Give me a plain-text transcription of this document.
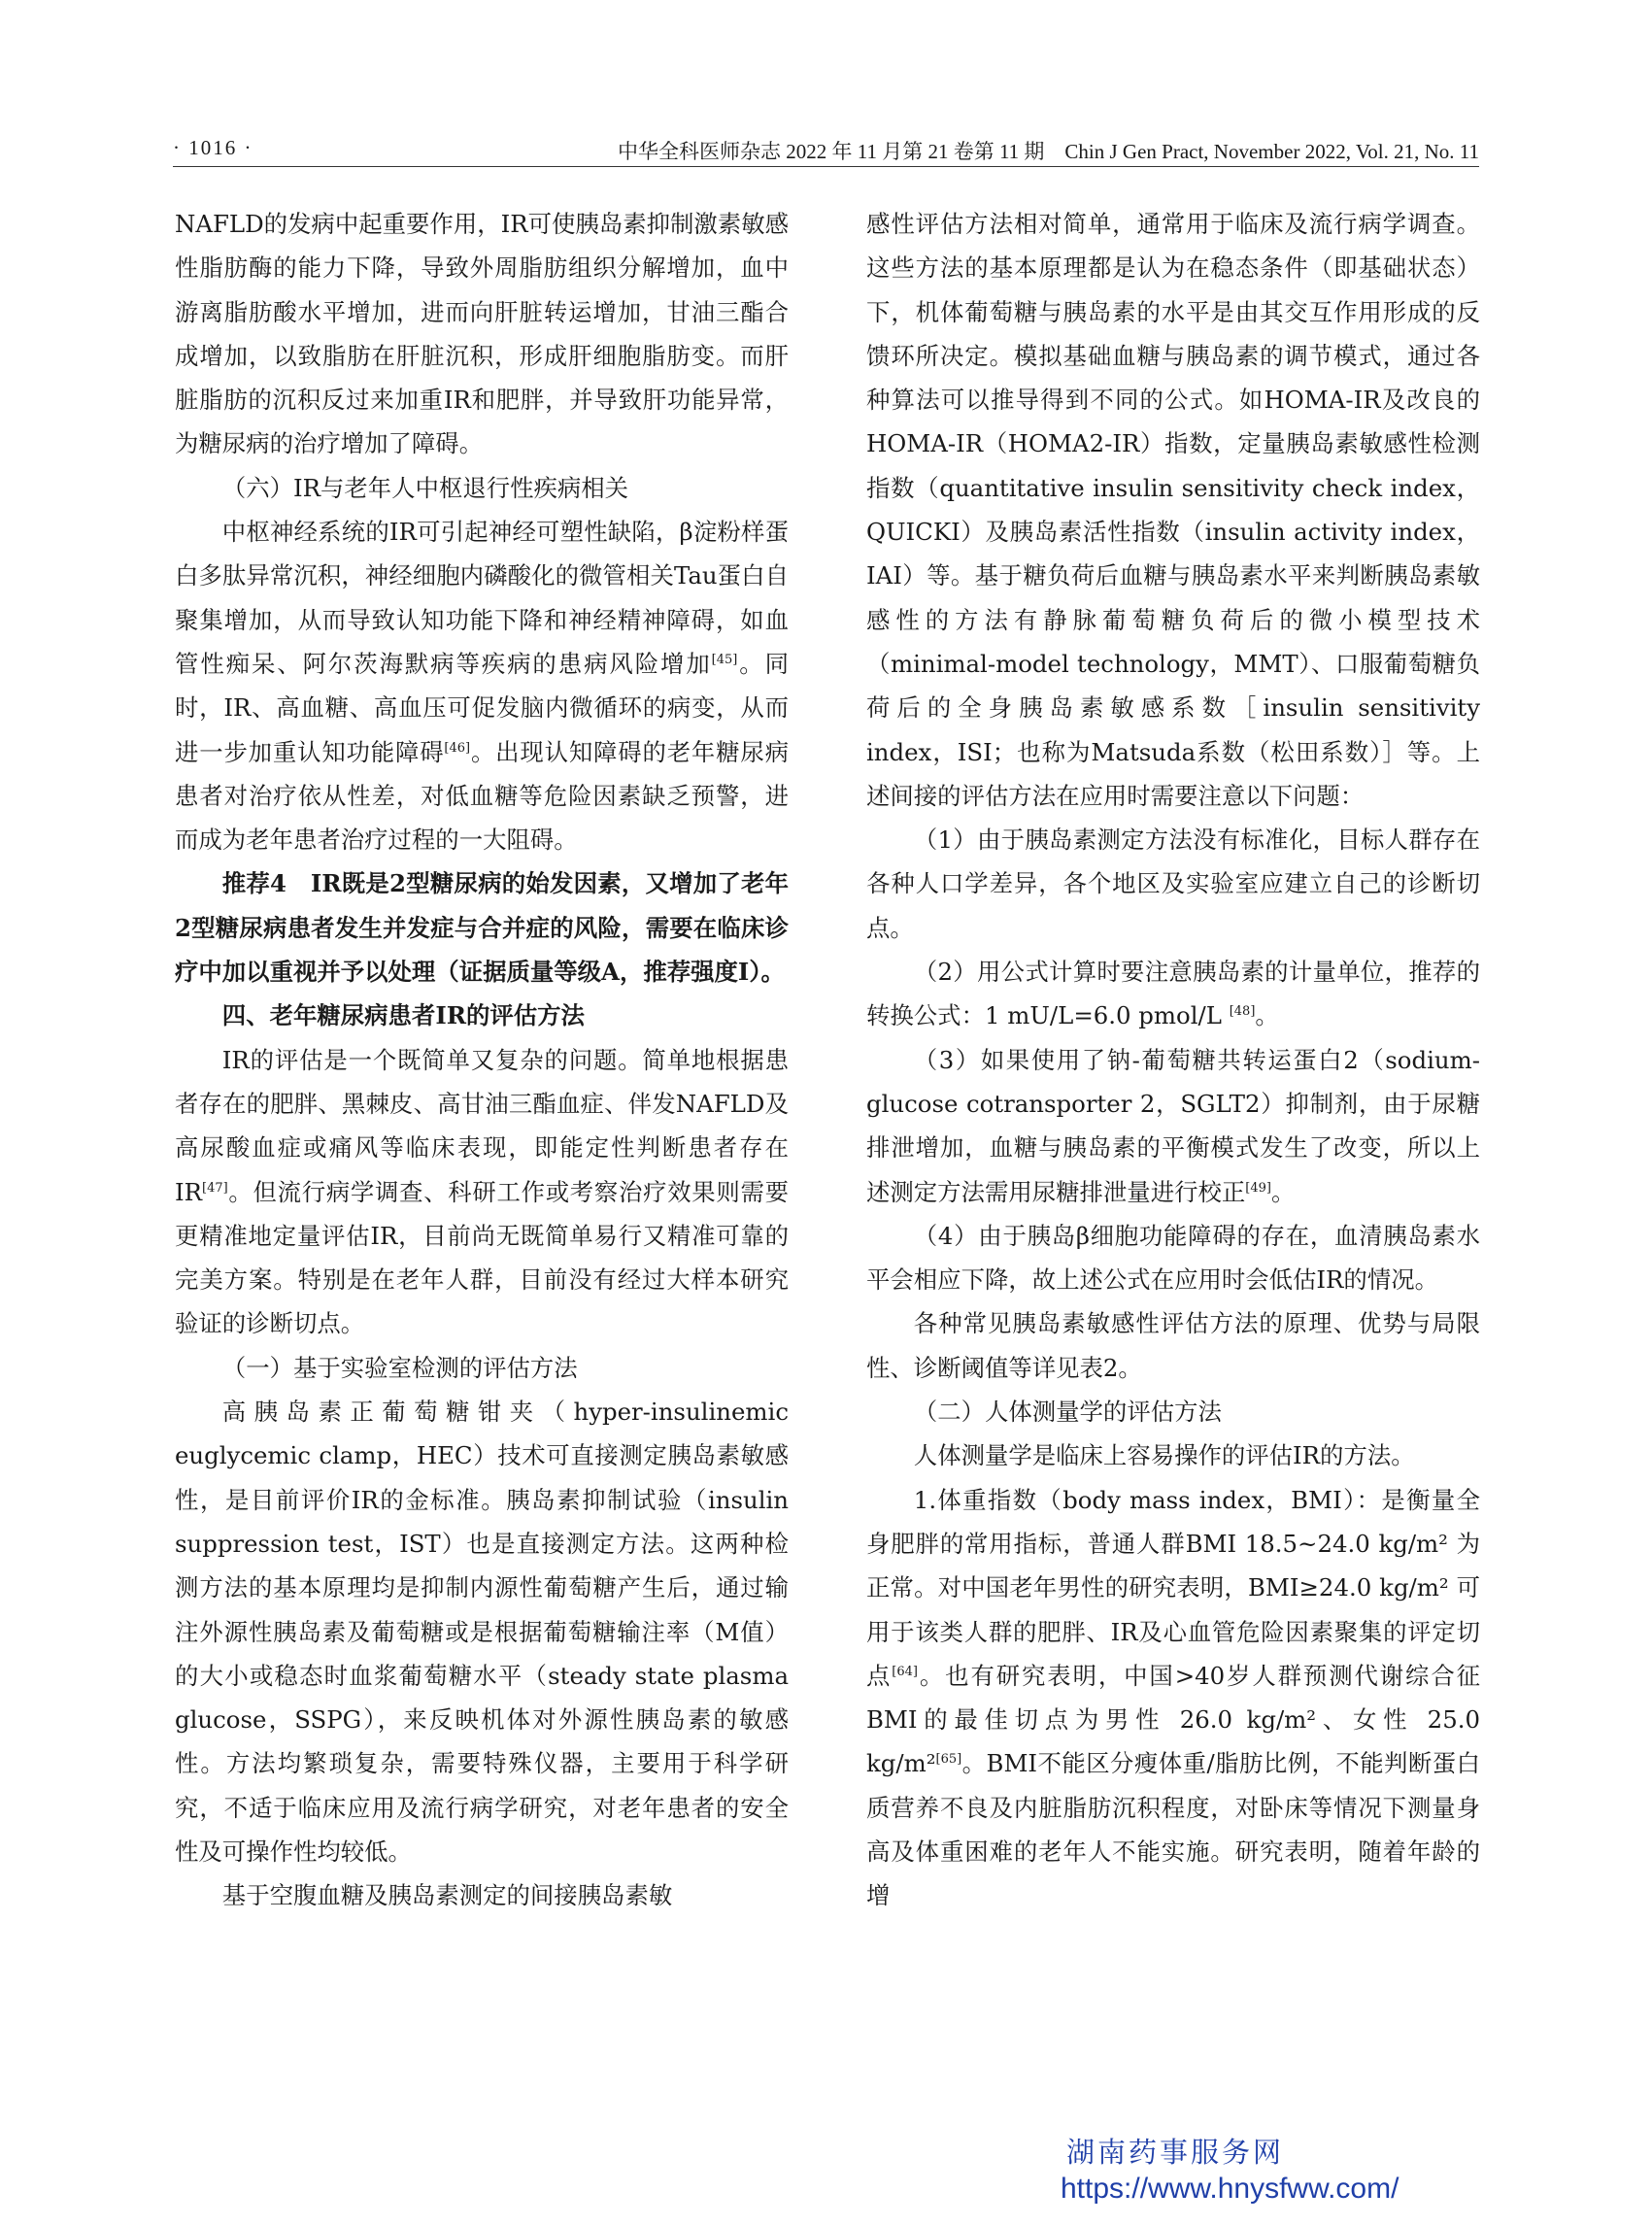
· 1016 ·	中华全科医师杂志 2022 年 11 月第 21 卷第 11 期　Chin J Gen Pract, November 2022, Vol. 21, No. 11

NAFLD的发病中起重要作用，IR可使胰岛素抑制激素敏感性脂肪酶的能力下降，导致外周脂肪组织分解增加，血中游离脂肪酸水平增加，进而向肝脏转运增加，甘油三酯合成增加，以致脂肪在肝脏沉积，形成肝细胞脂肪变。而肝脏脂肪的沉积反过来加重IR和肥胖，并导致肝功能异常，为糖尿病的治疗增加了障碍。

（六）IR与老年人中枢退行性疾病相关

中枢神经系统的IR可引起神经可塑性缺陷，β淀粉样蛋白多肽异常沉积，神经细胞内磷酸化的微管相关Tau蛋白自聚集增加，从而导致认知功能下降和神经精神障碍，如血管性痴呆、阿尔茨海默病等疾病的患病风险增加[45]。同时，IR、高血糖、高血压可促发脑内微循环的病变，从而进一步加重认知功能障碍[46]。出现认知障碍的老年糖尿病患者对治疗依从性差，对低血糖等危险因素缺乏预警，进而成为老年患者治疗过程的一大阻碍。

推荐4　IR既是2型糖尿病的始发因素，又增加了老年2型糖尿病患者发生并发症与合并症的风险，需要在临床诊疗中加以重视并予以处理（证据质量等级A，推荐强度Ⅰ）。

四、老年糖尿病患者IR的评估方法

IR的评估是一个既简单又复杂的问题。简单地根据患者存在的肥胖、黑棘皮、高甘油三酯血症、伴发NAFLD及高尿酸血症或痛风等临床表现，即能定性判断患者存在IR[47]。但流行病学调查、科研工作或考察治疗效果则需要更精准地定量评估IR，目前尚无既简单易行又精准可靠的完美方案。特别是在老年人群，目前没有经过大样本研究验证的诊断切点。

（一）基于实验室检测的评估方法

高胰岛素正葡萄糖钳夹（hyper-insulinemic euglycemic clamp，HEC）技术可直接测定胰岛素敏感性，是目前评价IR的金标准。胰岛素抑制试验（insulin suppression test，IST）也是直接测定方法。这两种检测方法的基本原理均是抑制内源性葡萄糖产生后，通过输注外源性胰岛素及葡萄糖或是根据葡萄糖输注率（M值）的大小或稳态时血浆葡萄糖水平（steady state plasma glucose，SSPG），来反映机体对外源性胰岛素的敏感性。方法均繁琐复杂，需要特殊仪器，主要用于科学研究，不适于临床应用及流行病学研究，对老年患者的安全性及可操作性均较低。

基于空腹血糖及胰岛素测定的间接胰岛素敏

感性评估方法相对简单，通常用于临床及流行病学调查。这些方法的基本原理都是认为在稳态条件（即基础状态）下，机体葡萄糖与胰岛素的水平是由其交互作用形成的反馈环所决定。模拟基础血糖与胰岛素的调节模式，通过各种算法可以推导得到不同的公式。如HOMA-IR及改良的HOMA-IR（HOMA2-IR）指数，定量胰岛素敏感性检测指数（quantitative insulin sensitivity check index，QUICKI）及胰岛素活性指数（insulin activity index，IAI）等。基于糖负荷后血糖与胰岛素水平来判断胰岛素敏感性的方法有静脉葡萄糖负荷后的微小模型技术（minimal-model technology，MMT）、口服葡萄糖负荷后的全身胰岛素敏感系数［insulin sensitivity index，ISI；也称为Matsuda系数（松田系数）］等。上述间接的评估方法在应用时需要注意以下问题：

（1）由于胰岛素测定方法没有标准化，目标人群存在各种人口学差异，各个地区及实验室应建立自己的诊断切点。

（2）用公式计算时要注意胰岛素的计量单位，推荐的转换公式：1 mU/L=6.0 pmol/L [48]。

（3）如果使用了钠-葡萄糖共转运蛋白2（sodium-glucose cotransporter 2，SGLT2）抑制剂，由于尿糖排泄增加，血糖与胰岛素的平衡模式发生了改变，所以上述测定方法需用尿糖排泄量进行校正[49]。

（4）由于胰岛β细胞功能障碍的存在，血清胰岛素水平会相应下降，故上述公式在应用时会低估IR的情况。

各种常见胰岛素敏感性评估方法的原理、优势与局限性、诊断阈值等详见表2。

（二）人体测量学的评估方法

人体测量学是临床上容易操作的评估IR的方法。

1.体重指数（body mass index，BMI）：是衡量全身肥胖的常用指标，普通人群BMI 18.5~24.0 kg/m² 为正常。对中国老年男性的研究表明，BMI≥24.0 kg/m² 可用于该类人群的肥胖、IR及心血管危险因素聚集的评定切点[64]。也有研究表明，中国>40岁人群预测代谢综合征BMI的最佳切点为男性 26.0 kg/m²、女性 25.0 kg/m²[65]。BMI不能区分瘦体重/脂肪比例，不能判断蛋白质营养不良及内脏脂肪沉积程度，对卧床等情况下测量身高及体重困难的老年人不能实施。研究表明，随着年龄的增

湖南药事服务网
https://www.hnysfww.com/
